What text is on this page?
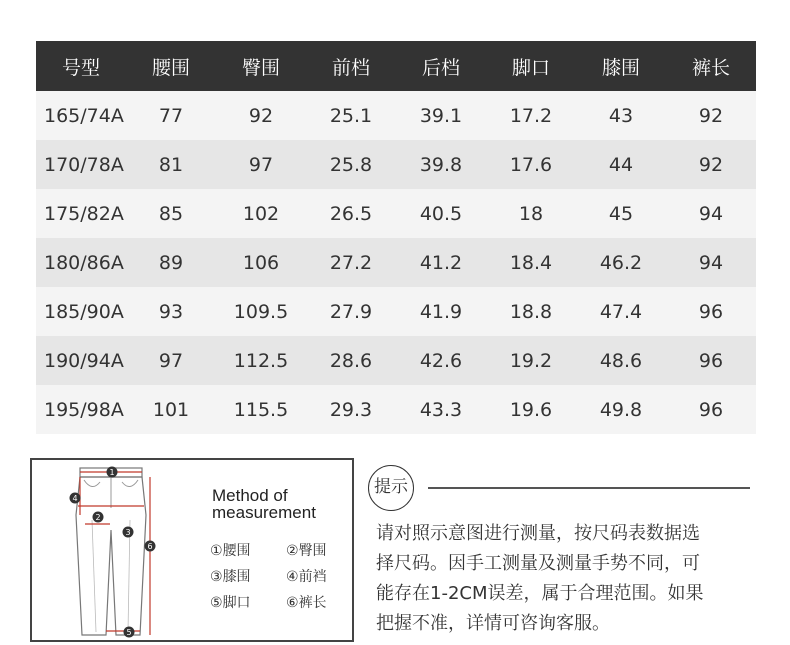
号型	腰围	臀围	前档	后档	脚口	膝围	裤长
165/74A	77	92	25.1	39.1	17.2	43	92
170/78A	81	97	25.8	39.8	17.6	44	92
175/82A	85	102	26.5	40.5	18	45	94
180/86A	89	106	27.2	41.2	18.4	46.2	94
185/90A	93	109.5	27.9	41.9	18.8	47.4	96
190/94A	97	112.5	28.6	42.6	19.2	48.6	96
195/98A	101	115.5	29.3	43.3	19.6	49.8	96
1
2
3
4
5
6
Method of
measurement
①腰围	②臀围
③膝围	④前裆
⑤脚口	⑥裤长
提示
请对照示意图进行测量，按尺码表数据选
择尺码。因手工测量及测量手势不同，可
能存在1-2CM误差，属于合理范围。如果
把握不准，详情可咨询客服。
